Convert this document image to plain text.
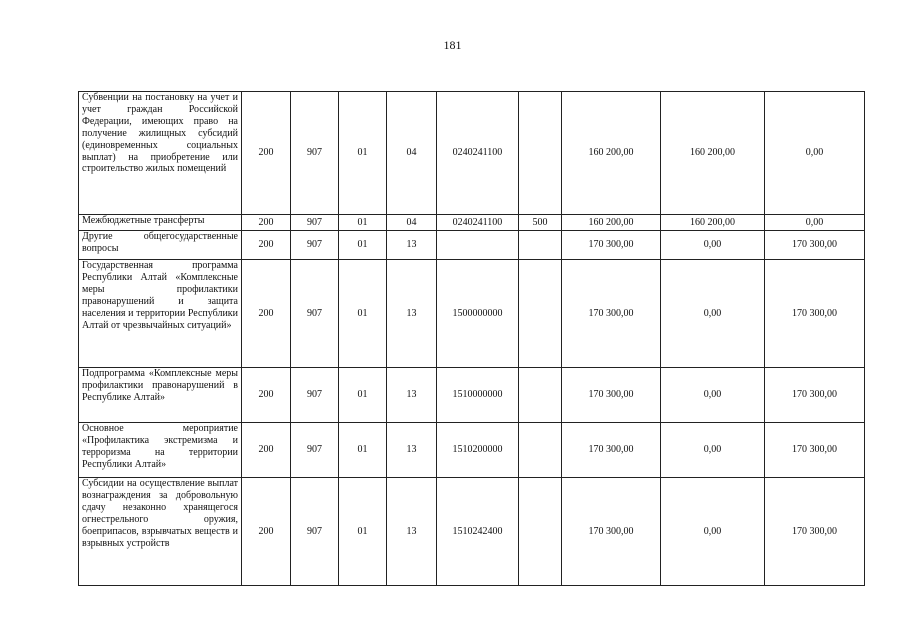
181
Субвенции на постановку на учет и учет граждан Российской Федерации, имеющих право на получение жилищных субсидий (единовременных социальных выплат) на приобретение или строительство жилых помещений	200	907	01	04	0240241100		160 200,00	160 200,00	0,00
Межбюджетные трансферты	200	907	01	04	0240241100	500	160 200,00	160 200,00	0,00
Другие общегосударственные вопросы	200	907	01	13			170 300,00	0,00	170 300,00
Государственная программа Республики Алтай «Комплексные меры профилактики правонарушений и защита населения и территории Республики Алтай от чрезвычайных ситуаций»	200	907	01	13	1500000000		170 300,00	0,00	170 300,00
Подпрограмма «Комплексные меры профилактики правонарушений в Республике Алтай»	200	907	01	13	1510000000		170 300,00	0,00	170 300,00
Основное мероприятие «Профилактика экстремизма и терроризма на территории Республики Алтай»	200	907	01	13	1510200000		170 300,00	0,00	170 300,00
Субсидии на осуществление выплат вознаграждения за добровольную сдачу незаконно хранящегося огнестрельного оружия, боеприпасов, взрывчатых веществ и взрывных устройств	200	907	01	13	1510242400		170 300,00	0,00	170 300,00
